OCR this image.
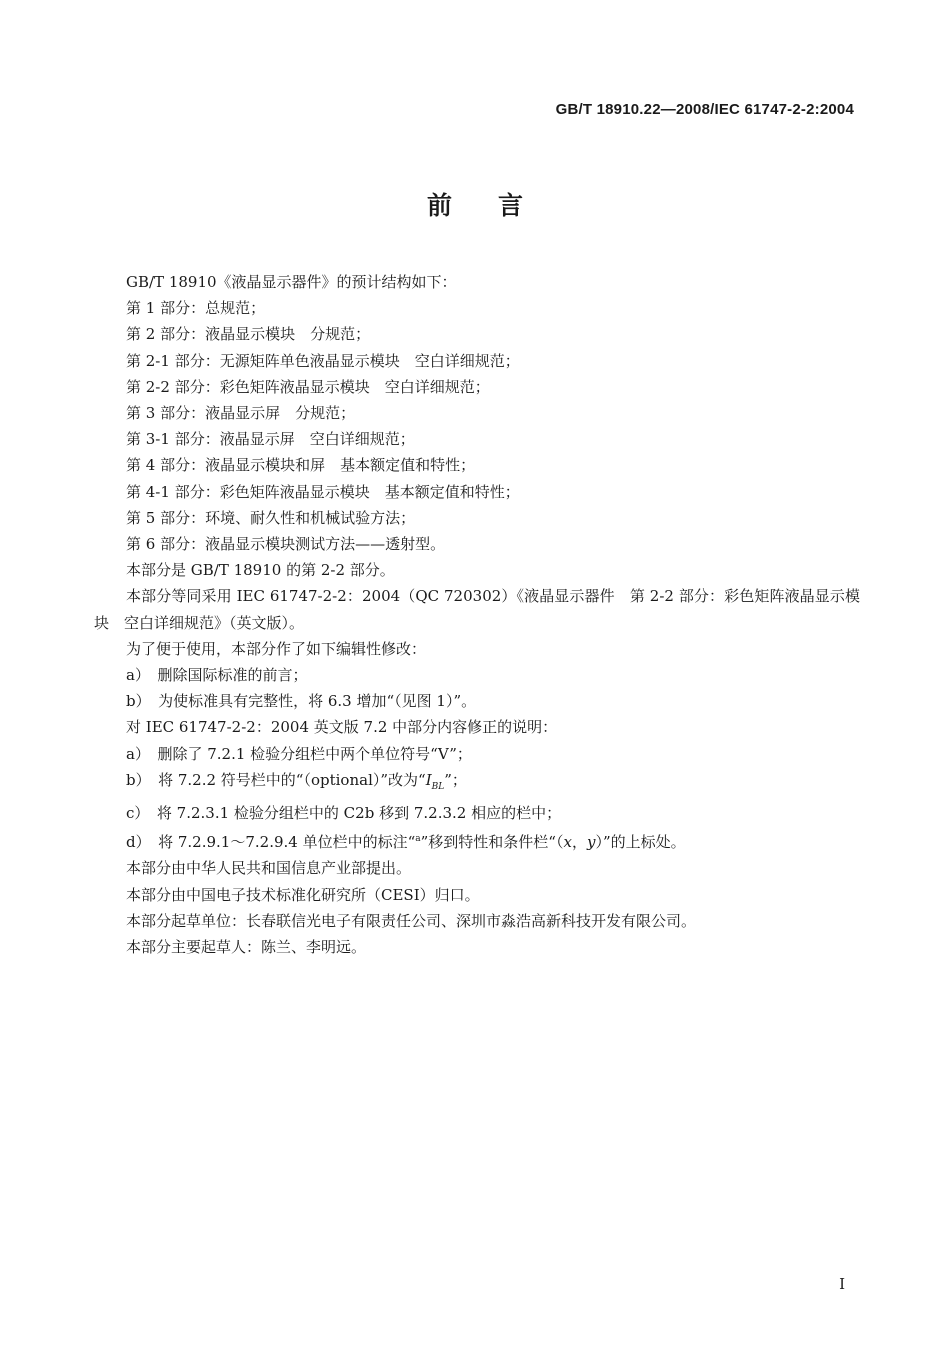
GB/T 18910.22—2008/IEC 61747-2-2:2004
前言

GB/T 18910《液晶显示器件》的预计结构如下：

第 1 部分：总规范；

第 2 部分：液晶显示模块　分规范；

第 2-1 部分：无源矩阵单色液晶显示模块　空白详细规范；

第 2-2 部分：彩色矩阵液晶显示模块　空白详细规范；

第 3 部分：液晶显示屏　分规范；

第 3-1 部分：液晶显示屏　空白详细规范；

第 4 部分：液晶显示模块和屏　基本额定值和特性；

第 4-1 部分：彩色矩阵液晶显示模块　基本额定值和特性；

第 5 部分：环境、耐久性和机械试验方法；

第 6 部分：液晶显示模块测试方法——透射型。

本部分是 GB/T 18910 的第 2-2 部分。

本部分等同采用 IEC 61747-2-2：2004（QC 720302）《液晶显示器件　第 2-2 部分：彩色矩阵液晶显示模块　空白详细规范》（英文版）。

为了便于使用，本部分作了如下编辑性修改：

a）　删除国际标准的前言；

b）　为使标准具有完整性，将 6.3 增加“（见图 1）”。

对 IEC 61747-2-2：2004 英文版 7.2 中部分内容修正的说明：

a）　删除了 7.2.1 检验分组栏中两个单位符号“V”；

b）　将 7.2.2 符号栏中的“（optional）”改为“$I_{BL}$”；

c）　将 7.2.3.1 检验分组栏中的 C2b 移到 7.2.3.2 相应的栏中；

d）　将 7.2.9.1～7.2.9.4 单位栏中的标注“$^a$”移到特性和条件栏“（x，y）”的上标处。

本部分由中华人民共和国信息产业部提出。

本部分由中国电子技术标准化研究所（CESI）归口。

本部分起草单位：长春联信光电子有限责任公司、深圳市淼浩高新科技开发有限公司。

本部分主要起草人：陈兰、李明远。

I
